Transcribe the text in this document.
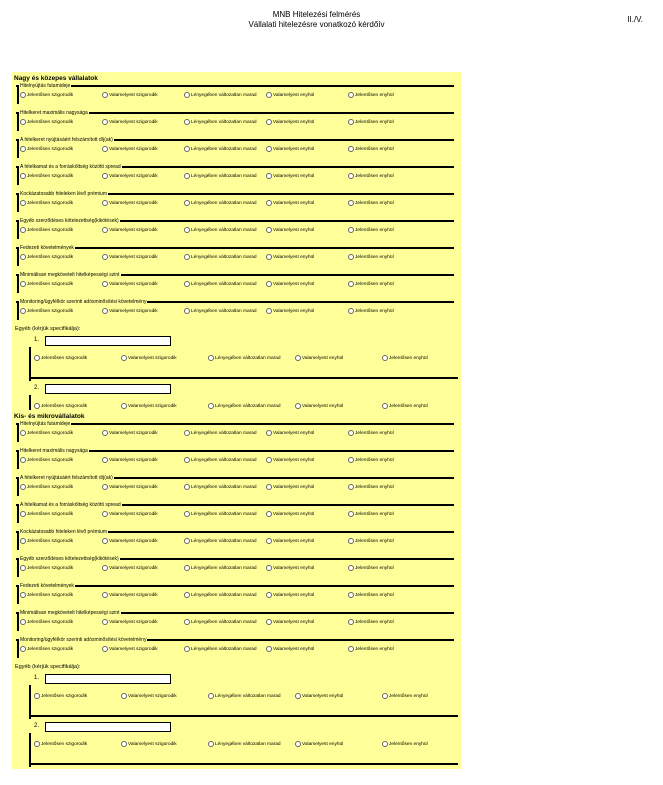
MNB Hitelezési felmérés
Vállalati hitelezésre vonatkozó kérdőív
II./V.
Nagy és közepes vállalatok
Hitelnyújtás futamideje
Jelentősen szigorodik	Valamelyest szigorodik	Lényegében változatlan marad	Valamelyest enyhül	Jelentősen enyhül
Hitelkeret maximális nagysága
Jelentősen szigorodik	Valamelyest szigorodik	Lényegében változatlan marad	Valamelyest enyhül	Jelentősen enyhül
A hitelkeret nyújtásáért felszámított díj(ak)
Jelentősen szigorodik	Valamelyest szigorodik	Lényegében változatlan marad	Valamelyest enyhül	Jelentősen enyhül
A hitelkamat és a forrásköltség közötti spread
Jelentősen szigorodik	Valamelyest szigorodik	Lényegében változatlan marad	Valamelyest enyhül	Jelentősen enyhül
Kockázatosabb hiteleken lévő prémium
Jelentősen szigorodik	Valamelyest szigorodik	Lényegében változatlan marad	Valamelyest enyhül	Jelentősen enyhül
Egyéb szerződéses kötelezettség(kikötések)
Jelentősen szigorodik	Valamelyest szigorodik	Lényegében változatlan marad	Valamelyest enyhül	Jelentősen enyhül
Fedezeti követelmények
Jelentősen szigorodik	Valamelyest szigorodik	Lényegében változatlan marad	Valamelyest enyhül	Jelentősen enyhül
Minimálisan megkövetelt hitelképességi szint
Jelentősen szigorodik	Valamelyest szigorodik	Lényegében változatlan marad	Valamelyest enyhül	Jelentősen enyhül
Monitoring/ügyfélkör szerinti adósminősítési követelmény
Jelentősen szigorodik	Valamelyest szigorodik	Lényegében változatlan marad	Valamelyest enyhül	Jelentősen enyhül
Egyéb (kérjük specifikálja):
1.
Jelentősen szigorodik	Valamelyest szigorodik	Lényegében változatlan marad	Valamelyest enyhül	Jelentősen enyhül
2.
Jelentősen szigorodik	Valamelyest szigorodik	Lényegében változatlan marad	Valamelyest enyhül	Jelentősen enyhül
Kis- és mikrovállalatok
Hitelnyújtás futamideje
Jelentősen szigorodik	Valamelyest szigorodik	Lényegében változatlan marad	Valamelyest enyhül	Jelentősen enyhül
Hitelkeret maximális nagysága
Jelentősen szigorodik	Valamelyest szigorodik	Lényegében változatlan marad	Valamelyest enyhül	Jelentősen enyhül
A hitelkeret nyújtásáért felszámított díj(ak)
Jelentősen szigorodik	Valamelyest szigorodik	Lényegében változatlan marad	Valamelyest enyhül	Jelentősen enyhül
A hitelkamat és a forrásköltség közötti spread
Jelentősen szigorodik	Valamelyest szigorodik	Lényegében változatlan marad	Valamelyest enyhül	Jelentősen enyhül
Kockázatosabb hiteleken lévő prémium
Jelentősen szigorodik	Valamelyest szigorodik	Lényegében változatlan marad	Valamelyest enyhül	Jelentősen enyhül
Egyéb szerződéses kötelezettség(kikötések)
Jelentősen szigorodik	Valamelyest szigorodik	Lényegében változatlan marad	Valamelyest enyhül	Jelentősen enyhül
Fedezeti követelmények
Jelentősen szigorodik	Valamelyest szigorodik	Lényegében változatlan marad	Valamelyest enyhül	Jelentősen enyhül
Minimálisan megkövetelt hitelképességi szint
Jelentősen szigorodik	Valamelyest szigorodik	Lényegében változatlan marad	Valamelyest enyhül	Jelentősen enyhül
Monitoring/ügyfélkör szerinti adósminősítési követelmény
Jelentősen szigorodik	Valamelyest szigorodik	Lényegében változatlan marad	Valamelyest enyhül	Jelentősen enyhül
Egyéb (kérjük specifikálja):
1.
Jelentősen szigorodik	Valamelyest szigorodik	Lényegében változatlan marad	Valamelyest enyhül	Jelentősen enyhül
2.
Jelentősen szigorodik	Valamelyest szigorodik	Lényegében változatlan marad	Valamelyest enyhül	Jelentősen enyhül
